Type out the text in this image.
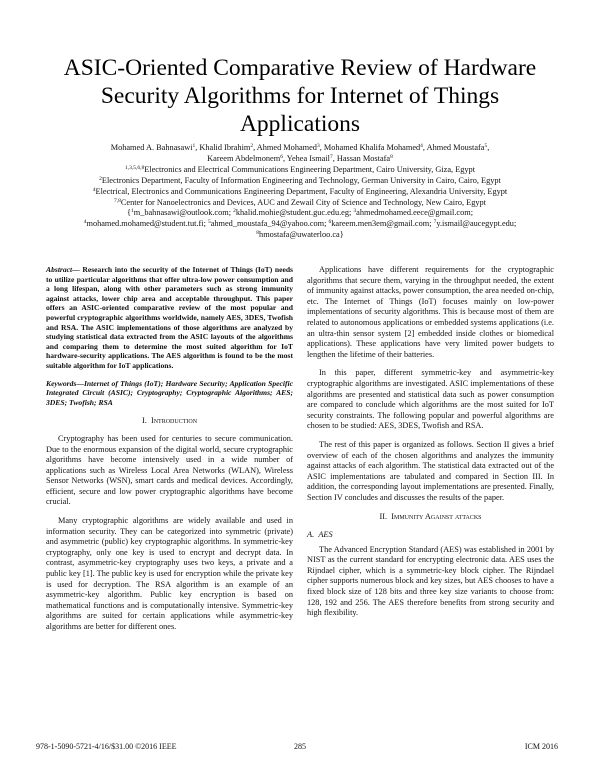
ASIC-Oriented Comparative Review of Hardware
Security Algorithms for Internet of Things
Applications
Mohamed A. Bahnasawi$^1$, Khalid Ibrahim$^2$, Ahmed Mohamed$^3$, Mohamed Khalifa Mohamed$^4$, Ahmed Moustafa$^5$,
Kareem Abdelmonem$^6$, Yehea Ismail$^7$, Hassan Mostafa$^8$
$^{1,3,5,6,8}$Electronics and Electrical Communications Engineering Department, Cairo University, Giza, Egypt
$^2$Electronics Department, Faculty of Information Engineering and Technology, German University in Cairo, Cairo, Egypt
$^4$Electrical, Electronics and Communications Engineering Department, Faculty of Engineering, Alexandria University, Egypt
$^{7,8}$Center for Nanoelectronics and Devices, AUC and Zewail City of Science and Technology, New Cairo, Egypt
{$^1$m_bahnasawi@outlook.com; $^2$khalid.mohie@student.guc.edu.eg; $^3$ahmedmohamed.eece@gmail.com;
$^4$mohamed.mohamed@student.tut.fi; $^5$ahmed_moustafa_94@yahoo.com; $^6$kareem.men3em@gmail.com; $^7$y.ismail@aucegypt.edu;
$^8$hmostafa@uwaterloo.ca}

Abstract— Research into the security of the Internet of Things (IoT) needs to utilize particular algorithms that offer ultra-low power consumption and a long lifespan, along with other parameters such as strong immunity against attacks, lower chip area and acceptable throughput. This paper offers an ASIC-oriented comparative review of the most popular and powerful cryptographic algorithms worldwide, namely AES, 3DES, Twofish and RSA. The ASIC implementations of those algorithms are analyzed by studying statistical data extracted from the ASIC layouts of the algorithms and comparing them to determine the most suited algorithm for IoT hardware-security applications. The AES algorithm is found to be the most suitable algorithm for IoT applications.

Keywords—Internet of Things (IoT); Hardware Security; Application Specific Integrated Circuit (ASIC); Cryptography; Cryptographic Algorithms; AES; 3DES; Twofish; RSA

I. Introduction

Cryptography has been used for centuries to secure communication. Due to the enormous expansion of the digital world, secure cryptographic algorithms have become intensively used in a wide number of applications such as Wireless Local Area Networks (WLAN), Wireless Sensor Networks (WSN), smart cards and medical devices. Accordingly, efficient, secure and low power cryptographic algorithms have become crucial.

Many cryptographic algorithms are widely available and used in information security. They can be categorized into symmetric (private) and asymmetric (public) key cryptographic algorithms. In symmetric-key cryptography, only one key is used to encrypt and decrypt data. In contrast, asymmetric-key cryptography uses two keys, a private and a public key [1]. The public key is used for encryption while the private key is used for decryption. The RSA algorithm is an example of an asymmetric-key algorithm. Public key encryption is based on mathematical functions and is computationally intensive. Symmetric-key algorithms are suited for certain applications while asymmetric-key algorithms are better for different ones.

Applications have different requirements for the cryptographic algorithms that secure them, varying in the throughput needed, the extent of immunity against attacks, power consumption, the area needed on-chip, etc. The Internet of Things (IoT) focuses mainly on low-power implementations of security algorithms. This is because most of them are related to autonomous applications or embedded systems applications (i.e. an ultra-thin sensor system [2] embedded inside clothes or biomedical applications). These applications have very limited power budgets to lengthen the lifetime of their batteries.

In this paper, different symmetric-key and asymmetric-key cryptographic algorithms are investigated. ASIC implementations of these algorithms are presented and statistical data such as power consumption are compared to conclude which algorithms are the most suited for IoT security constraints. The following popular and powerful algorithms are chosen to be studied: AES, 3DES, Twofish and RSA.

The rest of this paper is organized as follows. Section II gives a brief overview of each of the chosen algorithms and analyzes the immunity against attacks of each algorithm. The statistical data extracted out of the ASIC implementations are tabulated and compared in Section III. In addition, the corresponding layout implementations are presented. Finally, Section IV concludes and discusses the results of the paper.

II. Immunity Against attacks

A. AES

The Advanced Encryption Standard (AES) was established in 2001 by NIST as the current standard for encrypting electronic data. AES uses the Rijndael cipher, which is a symmetric-key block cipher. The Rijndael cipher supports numerous block and key sizes, but AES chooses to have a fixed block size of 128 bits and three key size variants to choose from: 128, 192 and 256. The AES therefore benefits from strong security and high flexibility.

978-1-5090-5721-4/16/$31.00 ©2016 IEEE	285	ICM 2016
